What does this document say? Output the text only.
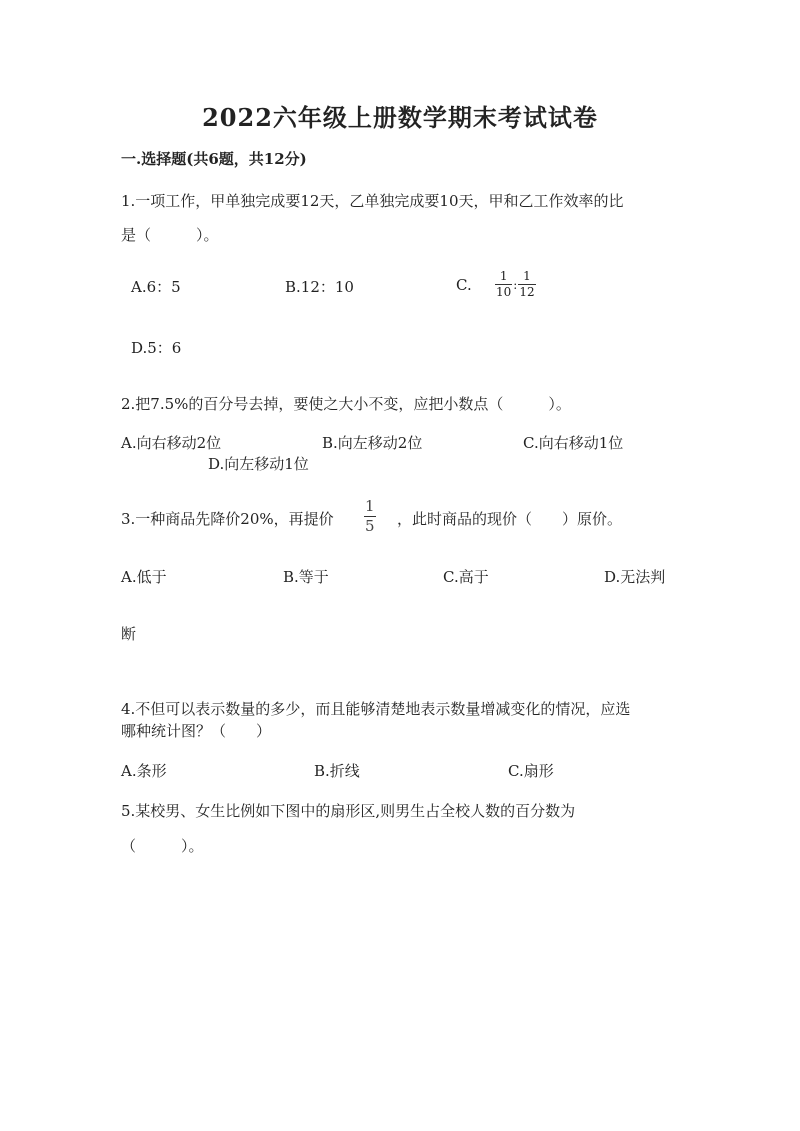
2022六年级上册数学期末考试试卷
一.选择题(共6题，共12分)
1.一项工作，甲单独完成要12天，乙单独完成要10天，甲和乙工作效率的比
是（　　　）。
A.6：5	B.12：10	C. $\frac{1}{10}$ : $\frac{1}{12}$
D.5：6
2.把7.5%的百分号去掉，要使之大小不变，应把小数点（　　　）。
A.向右移动2位	B.向左移动2位	C.向右移动1位
D.向左移动1位
3.一种商品先降价20%，再提价 $\frac{1}{5}$ ，此时商品的现价（　　）原价。
A.低于	B.等于	C.高于	D.无法判
断
4.不但可以表示数量的多少，而且能够清楚地表示数量增减变化的情况，应选
哪种统计图？（　　）
A.条形	B.折线	C.扇形
5.某校男、女生比例如下图中的扇形区,则男生占全校人数的百分数为
（　　　）。
